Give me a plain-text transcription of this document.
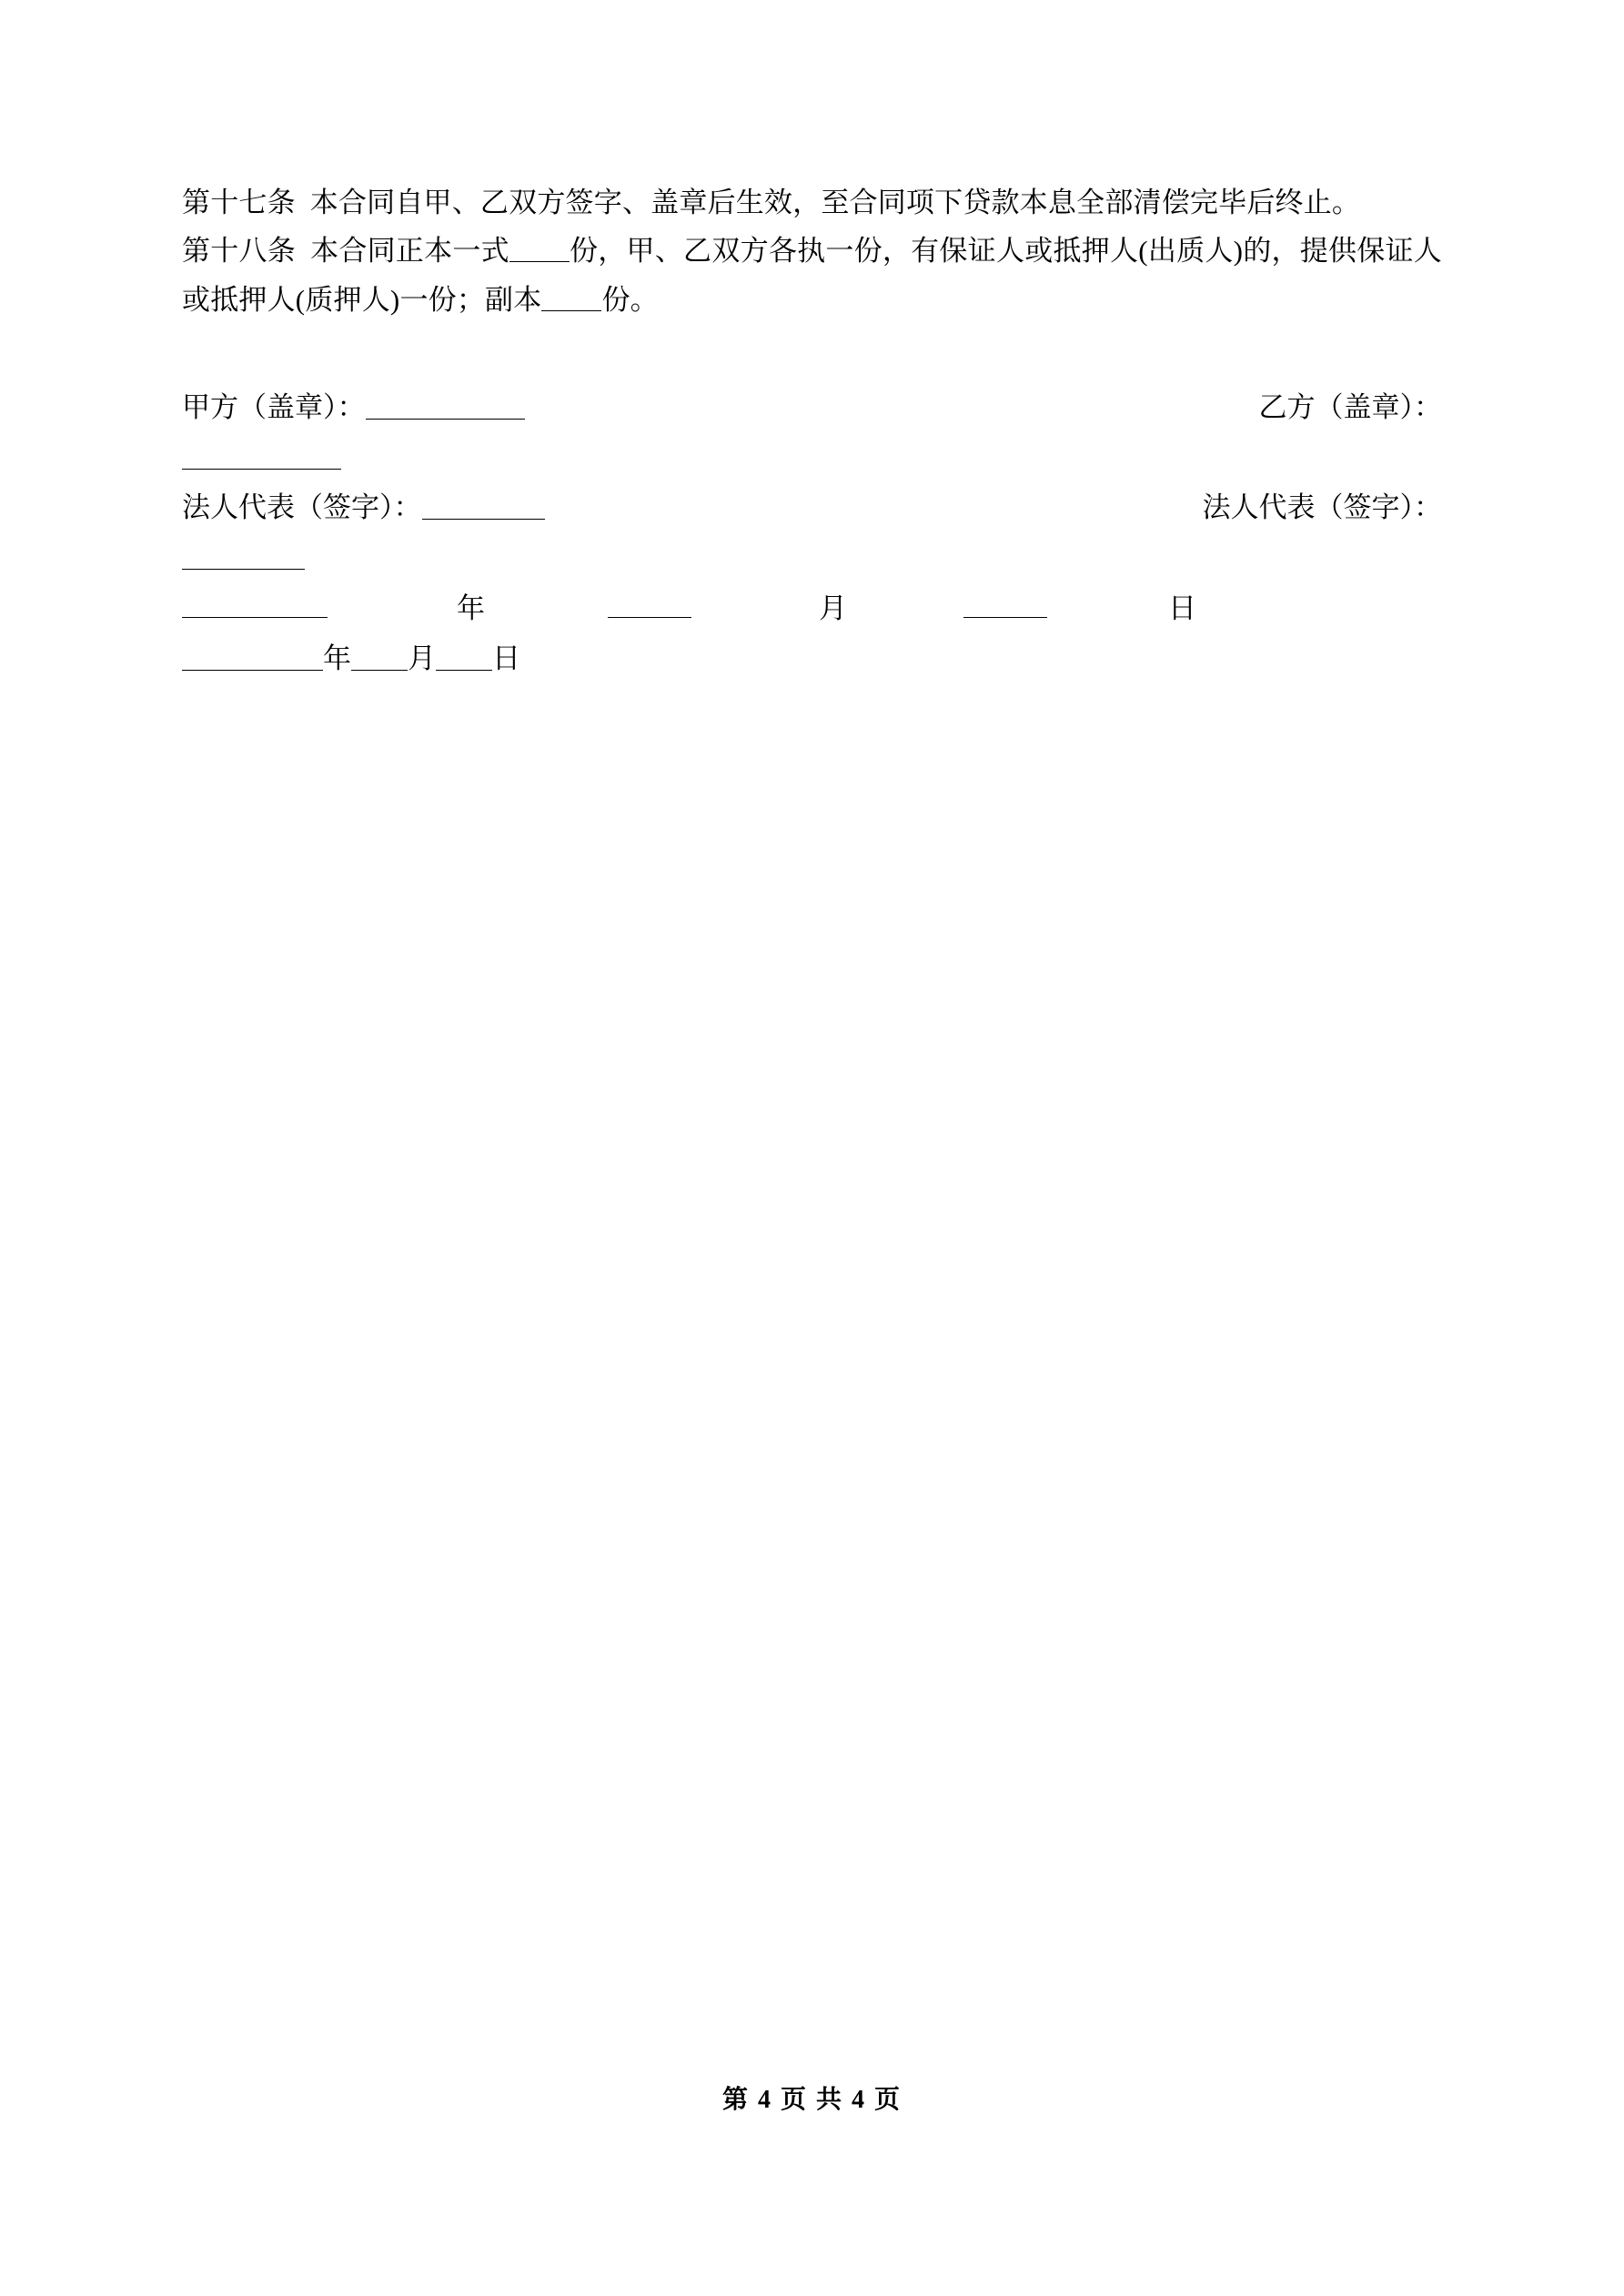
第十七条 本合同自甲、乙双方签字、盖章后生效，至合同项下贷款本息全部清偿完毕后终止。

第十八条 本合同正本一式 份，甲、乙双方各执一份，有保证人或抵押人(出质人)的，提供保证人或抵押人(质押人)一份；副本 份。

乙方（盖章）：
甲方（盖章）：
法人代表（签字）：
法人代表（签字）：
年	月	日
年 月 日
第 4 页 共 4 页
